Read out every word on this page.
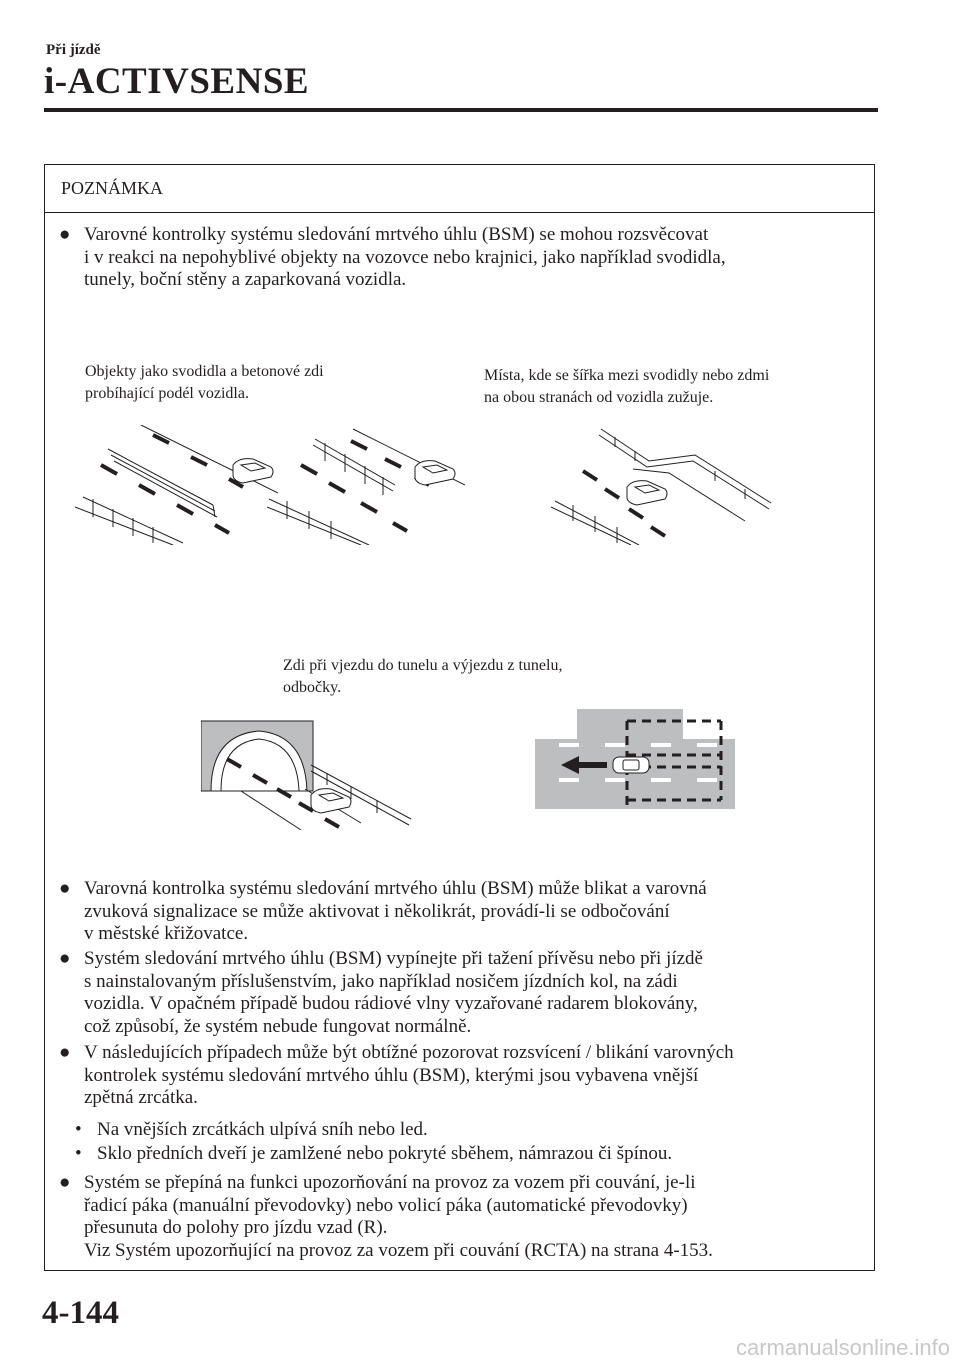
Při jízdě
i-ACTIVSENSE
POZNÁMKA
● Varovné kontrolky systému sledování mrtvého úhlu (BSM) se mohou rozsvěcovat
i v reakci na nepohyblivé objekty na vozovce nebo krajnici, jako například svodidla,
tunely, boční stěny a zaparkovaná vozidla.
Objekty jako svodidla a betonové zdi
probíhající podél vozidla.
Místa, kde se šířka mezi svodidly nebo zdmi
na obou stranách od vozidla zužuje.
Zdi při vjezdu do tunelu a výjezdu z tunelu,
odbočky.
● Varovná kontrolka systému sledování mrtvého úhlu (BSM) může blikat a varovná
zvuková signalizace se může aktivovat i několikrát, provádí-li se odbočování
v městské křižovatce.
● Systém sledování mrtvého úhlu (BSM) vypínejte při tažení přívěsu nebo při jízdě
s nainstalovaným příslušenstvím, jako například nosičem jízdních kol, na zádi
vozidla. V opačném případě budou rádiové vlny vyzařované radarem blokovány,
což způsobí, že systém nebude fungovat normálně.
● V následujících případech může být obtížné pozorovat rozsvícení / blikání varovných
kontrolek systému sledování mrtvého úhlu (BSM), kterými jsou vybavena vnější
zpětná zrcátka.
• Na vnějších zrcátkách ulpívá sníh nebo led.
• Sklo předních dveří je zamlžené nebo pokryté sběhem, námrazou či špínou.
● Systém se přepíná na funkci upozorňování na provoz za vozem při couvání, je-li
řadicí páka (manuální převodovky) nebo volicí páka (automatické převodovky)
přesunuta do polohy pro jízdu vzad (R).
Viz Systém upozorňující na provoz za vozem při couvání (RCTA) na strana 4-153.
4-144
carmanualsonline.info
